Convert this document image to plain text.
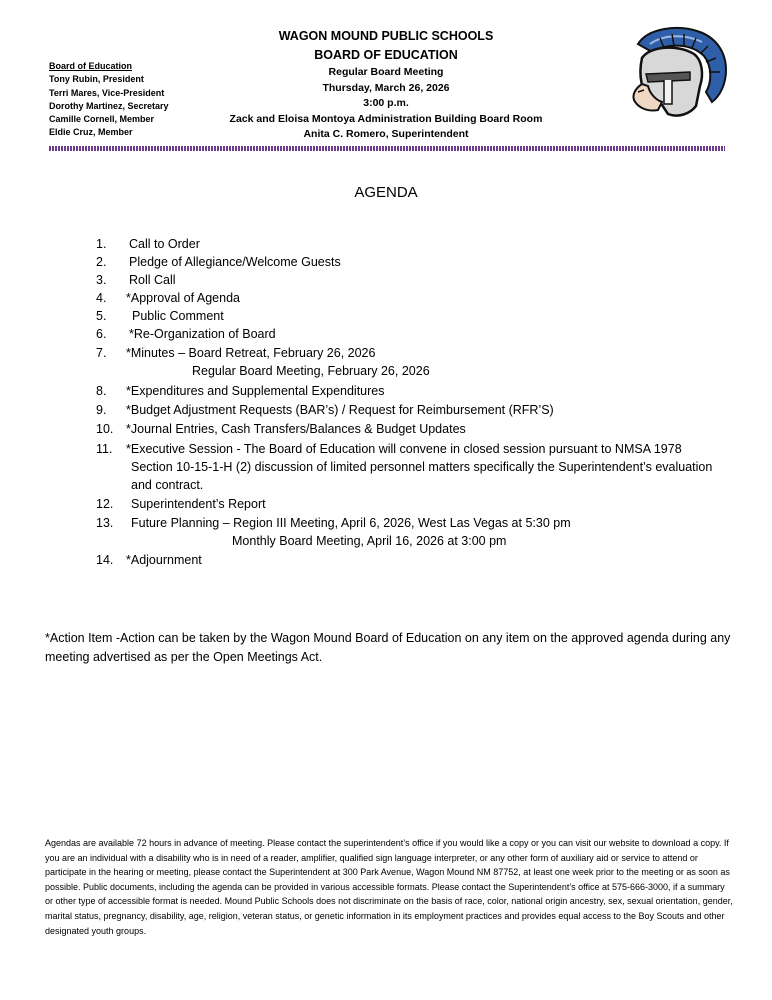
Board of Education
Tony Rubin, President
Terri Mares, Vice-President
Dorothy Martinez, Secretary
Camille Cornell, Member
Eldie Cruz, Member
WAGON MOUND PUBLIC SCHOOLS
BOARD OF EDUCATION
Regular Board Meeting
Thursday, March 26, 2026
3:00 p.m.
Zack and Eloisa Montoya Administration Building Board Room
Anita C. Romero, Superintendent
AGENDA
1. Call to Order
2. Pledge of Allegiance/Welcome Guests
3. Roll Call
4. *Approval of Agenda
5. Public Comment
6. *Re-Organization of Board
7. *Minutes – Board Retreat, February 26, 2026
Regular Board Meeting, February 26, 2026
8. *Expenditures and Supplemental Expenditures
9. *Budget Adjustment Requests (BAR’s) / Request for Reimbursement (RFR’S)
10. *Journal Entries, Cash Transfers/Balances & Budget Updates
11. *Executive Session - The Board of Education will convene in closed session pursuant to NMSA 1978
Section 10-15-1-H (2) discussion of limited personnel matters specifically the Superintendent’s evaluation
and contract.
12. Superintendent’s Report
13. Future Planning – Region III Meeting, April 6, 2026, West Las Vegas at 5:30 pm
Monthly Board Meeting, April 16, 2026 at 3:00 pm
14. *Adjournment
*Action Item -Action can be taken by the Wagon Mound Board of Education on any item on the approved agenda during any meeting advertised as per the Open Meetings Act.
Agendas are available 72 hours in advance of meeting. Please contact the superintendent’s office if you would like a copy or you can visit our website to download a copy. If you are an individual with a disability who is in need of a reader, amplifier, qualified sign language interpreter, or any other form of auxiliary aid or service to attend or participate in the hearing or meeting, please contact the Superintendent at 300 Park Avenue, Wagon Mound NM 87752, at least one week prior to the meeting or as soon as possible. Public documents, including the agenda can be provided in various accessible formats. Please contact the Superintendent’s office at 575-666-3000, if a summary or other type of accessible format is needed. Mound Public Schools does not discriminate on the basis of race, color, national origin ancestry, sex, sexual orientation, gender, marital status, pregnancy, disability, age, religion, veteran status, or genetic information in its employment practices and provides equal access to the Boy Scouts and other designated youth groups.
